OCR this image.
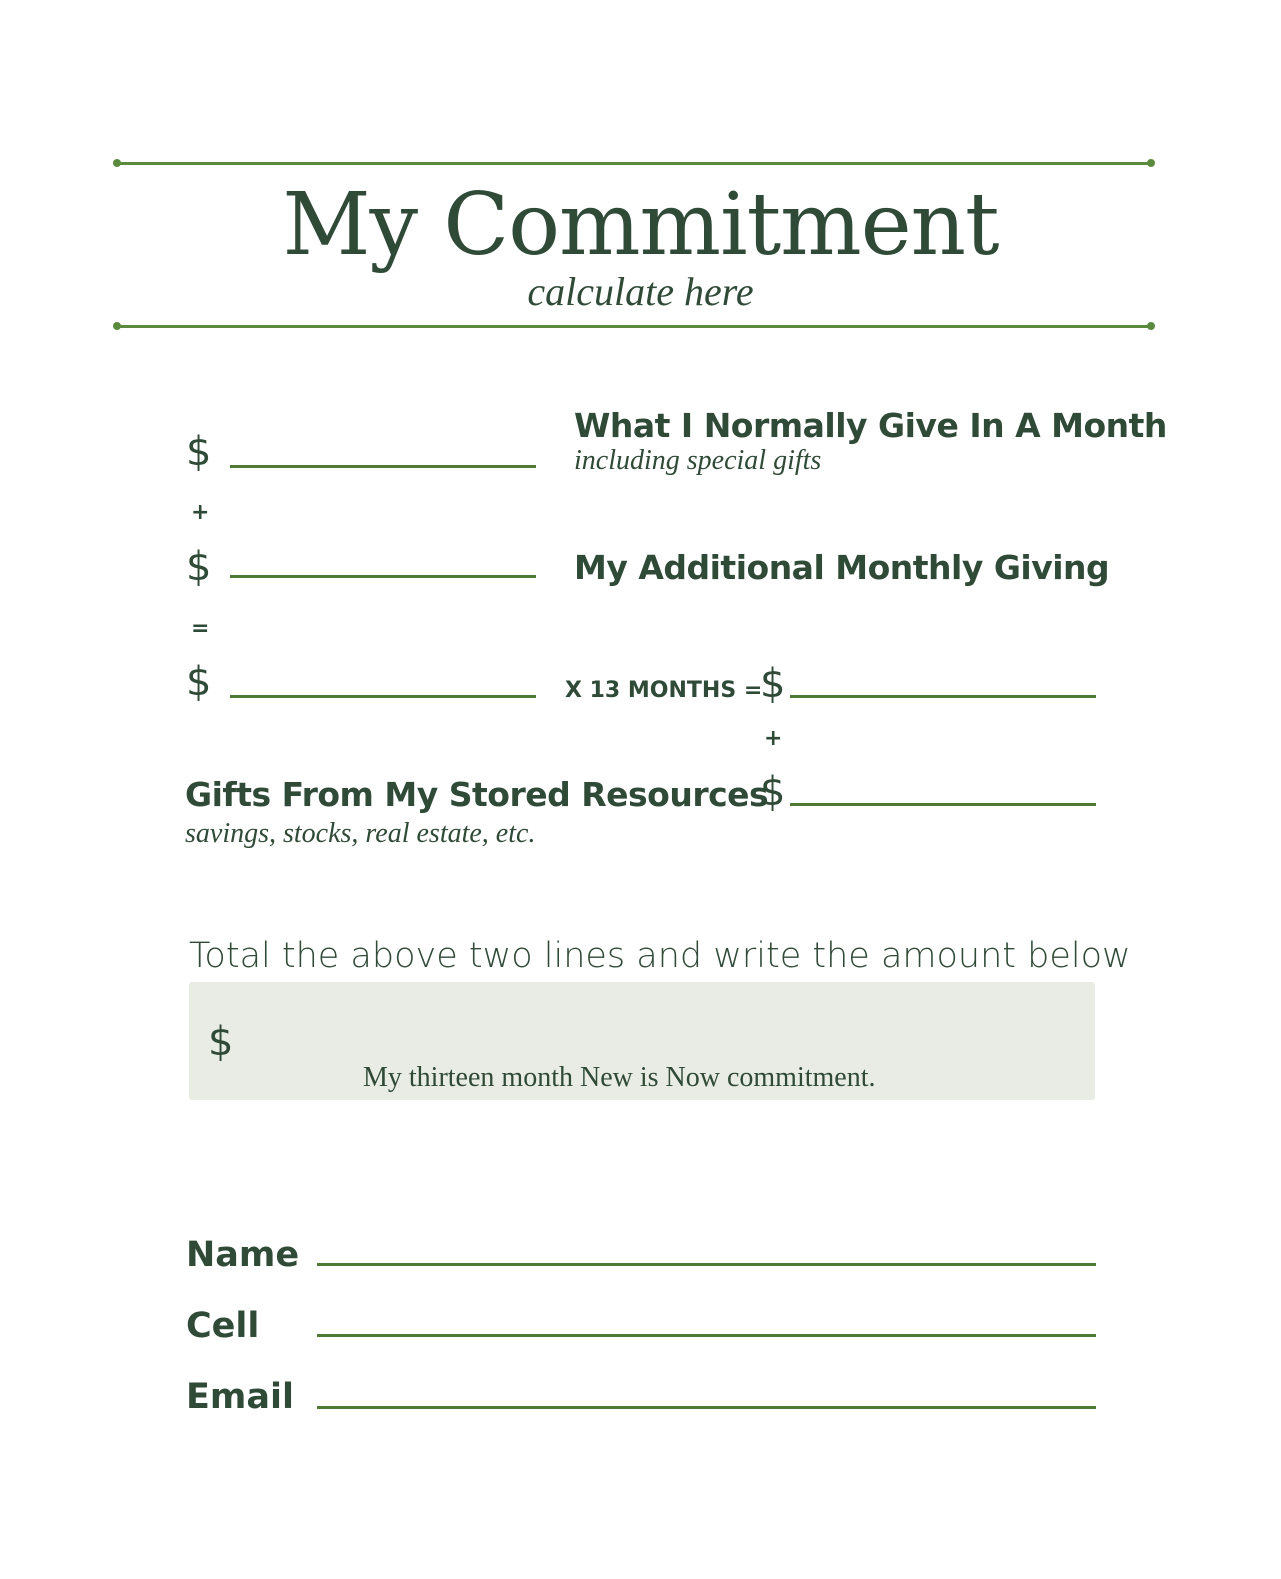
My Commitment
calculate here
$
What I Normally Give In A Month
including special gifts
+
$	My Additional Monthly Giving
=
$	X 13 MONTHS =
$
+
Gifts From My Stored Resources
savings, stocks, real estate, etc.
$
Total the above two lines and write the amount below
$
My thirteen month New is Now commitment.
Name
Cell
Email
